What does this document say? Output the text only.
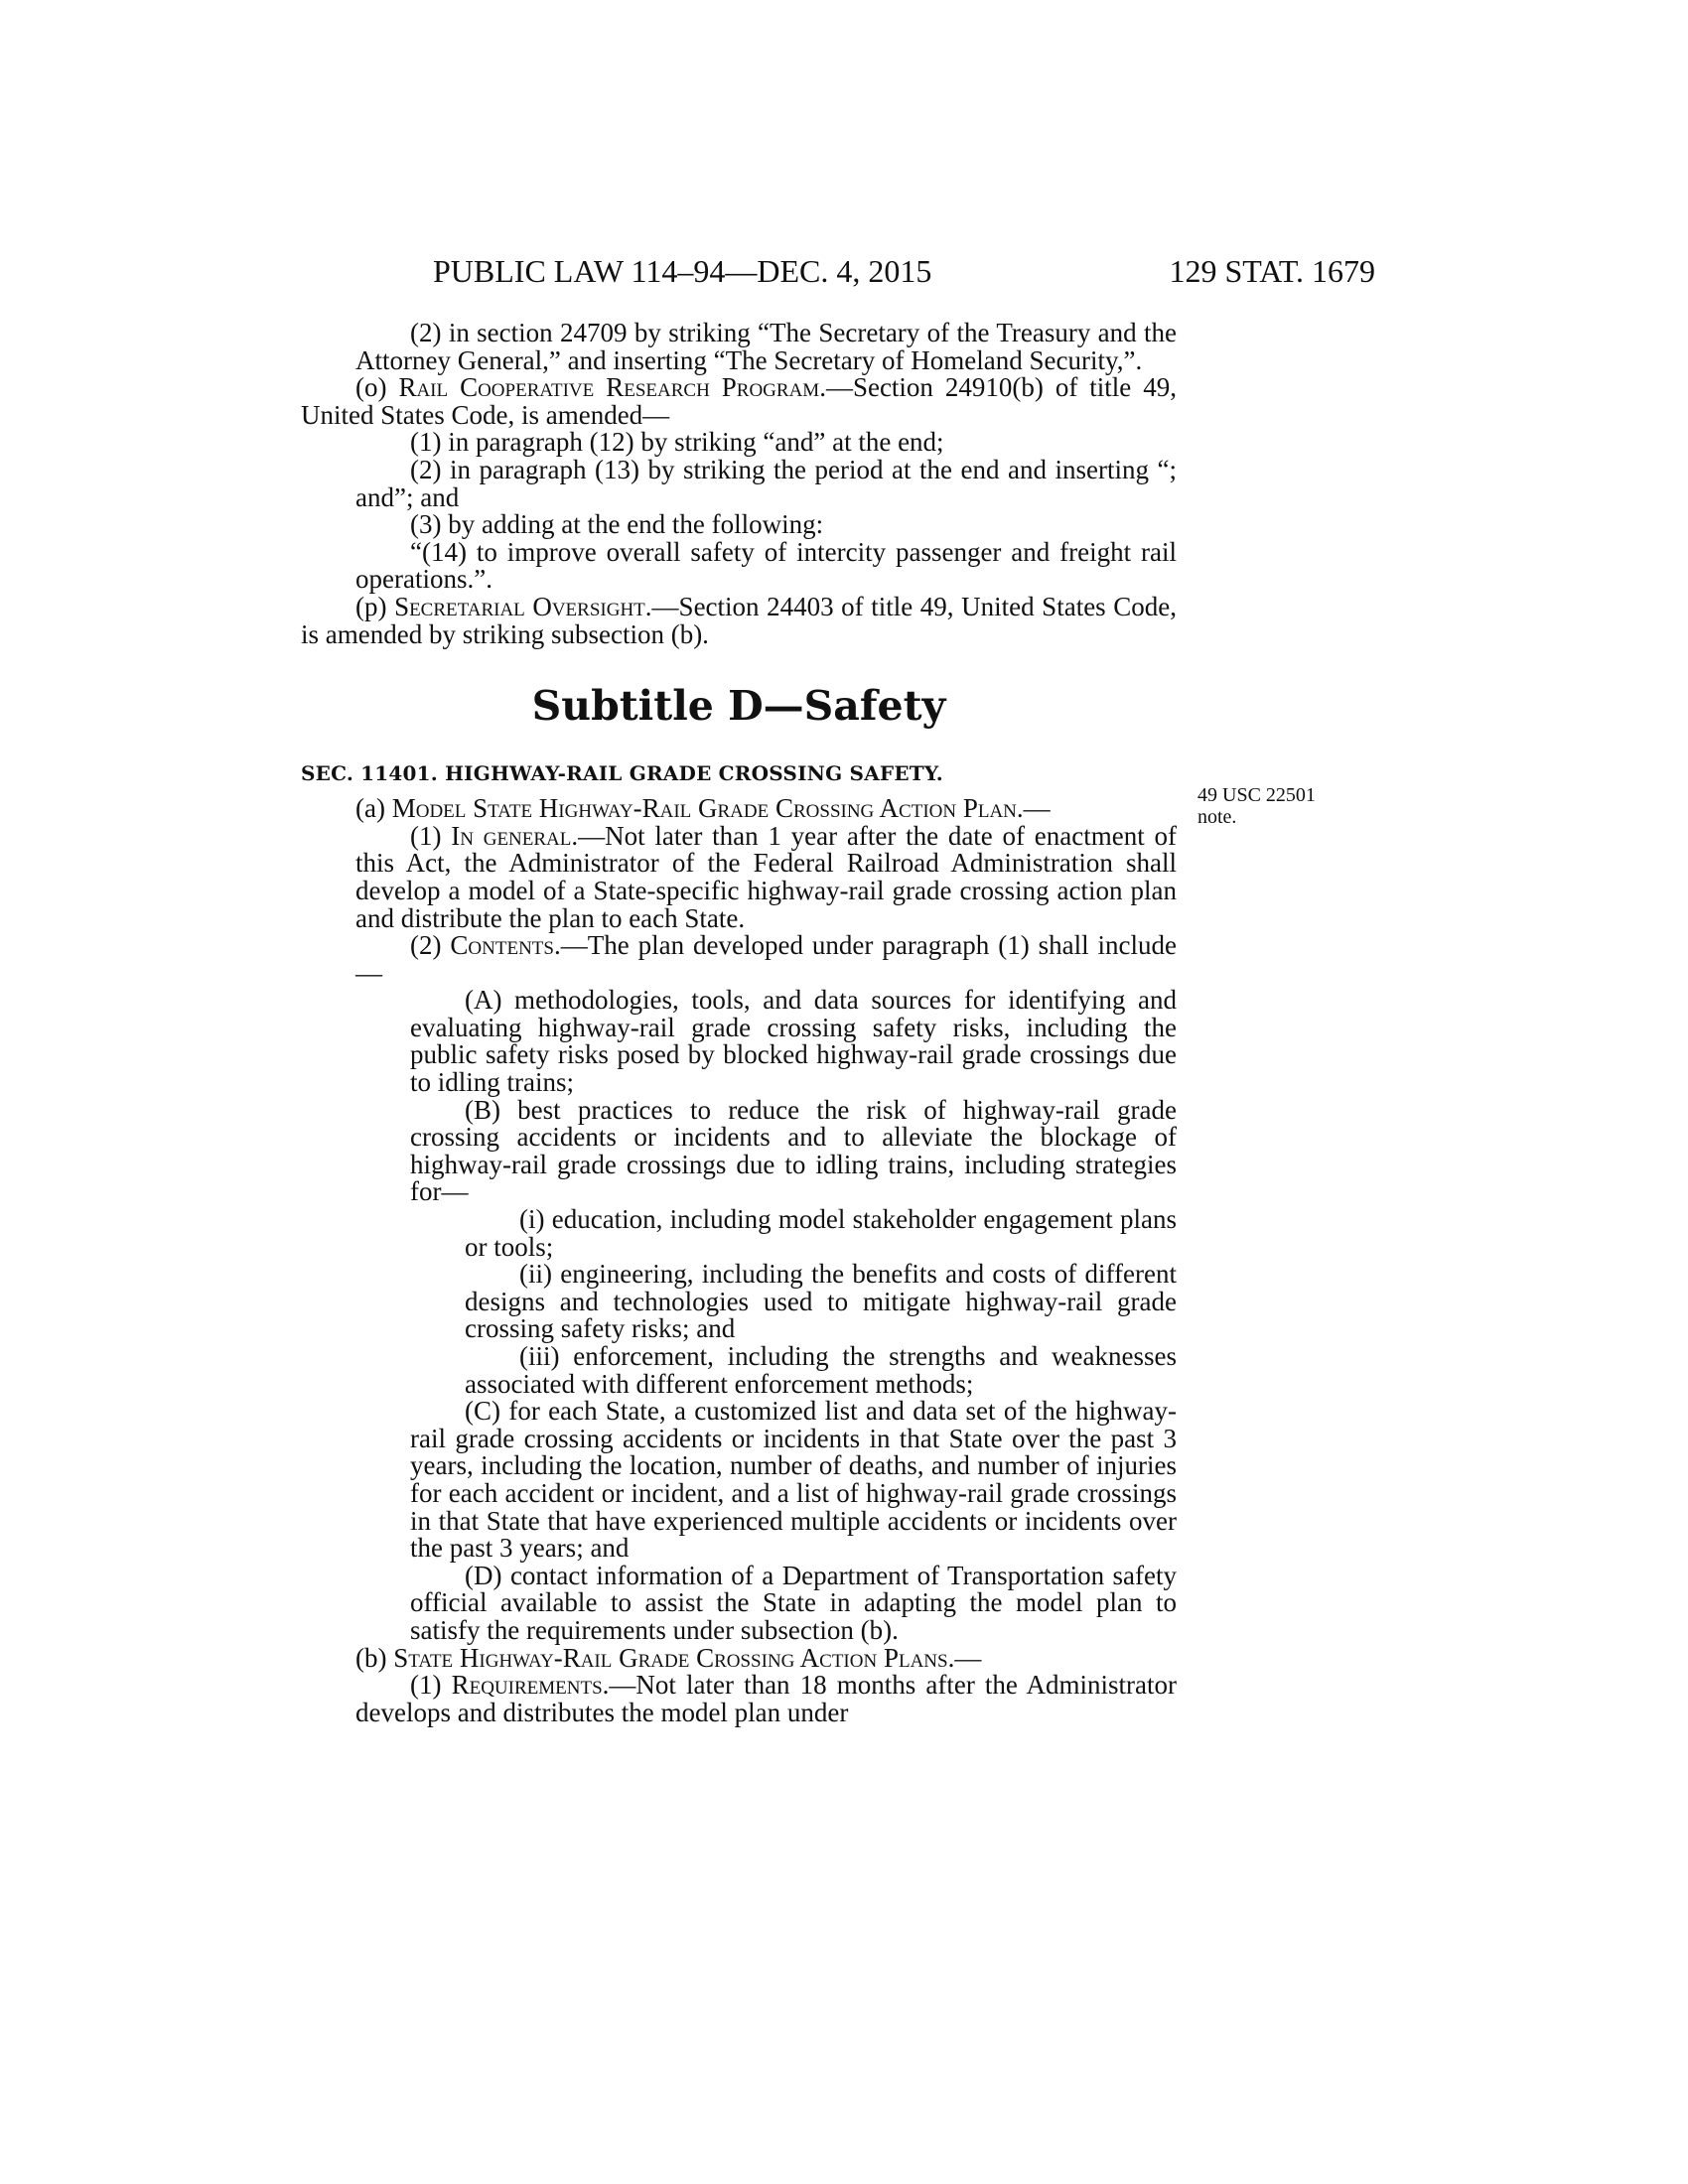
PUBLIC LAW 114–94—DEC. 4, 2015	129 STAT. 1679
49 USC 22501
note.

(2) in section 24709 by striking “The Secretary of the Treasury and the Attorney General,” and inserting “The Secretary of Homeland Security,”.

(o) Rail Cooperative Research Program.—Section 24910(b) of title 49, United States Code, is amended—

(1) in paragraph (12) by striking “and” at the end;

(2) in paragraph (13) by striking the period at the end and inserting “; and”; and

(3) by adding at the end the following:

“(14) to improve overall safety of intercity passenger and freight rail operations.”.

(p) Secretarial Oversight.—Section 24403 of title 49, United States Code, is amended by striking subsection (b).

Subtitle D—Safety
SEC. 11401. HIGHWAY-RAIL GRADE CROSSING SAFETY.

(a) Model State Highway-Rail Grade Crossing Action Plan.—

(1) In general.—Not later than 1 year after the date of enactment of this Act, the Administrator of the Federal Railroad Administration shall develop a model of a State-specific highway-rail grade crossing action plan and distribute the plan to each State.

(2) Contents.—The plan developed under paragraph (1) shall include—

(A) methodologies, tools, and data sources for identifying and evaluating highway-rail grade crossing safety risks, including the public safety risks posed by blocked highway-rail grade crossings due to idling trains;

(B) best practices to reduce the risk of highway-rail grade crossing accidents or incidents and to alleviate the blockage of highway-rail grade crossings due to idling trains, including strategies for—

(i) education, including model stakeholder engagement plans or tools;

(ii) engineering, including the benefits and costs of different designs and technologies used to mitigate highway-rail grade crossing safety risks; and

(iii) enforcement, including the strengths and weaknesses associated with different enforcement methods;

(C) for each State, a customized list and data set of the highway-rail grade crossing accidents or incidents in that State over the past 3 years, including the location, number of deaths, and number of injuries for each accident or incident, and a list of highway-rail grade crossings in that State that have experienced multiple accidents or incidents over the past 3 years; and

(D) contact information of a Department of Transportation safety official available to assist the State in adapting the model plan to satisfy the requirements under subsection (b).

(b) State Highway-Rail Grade Crossing Action Plans.—

(1) Requirements.—Not later than 18 months after the Administrator develops and distributes the model plan under
